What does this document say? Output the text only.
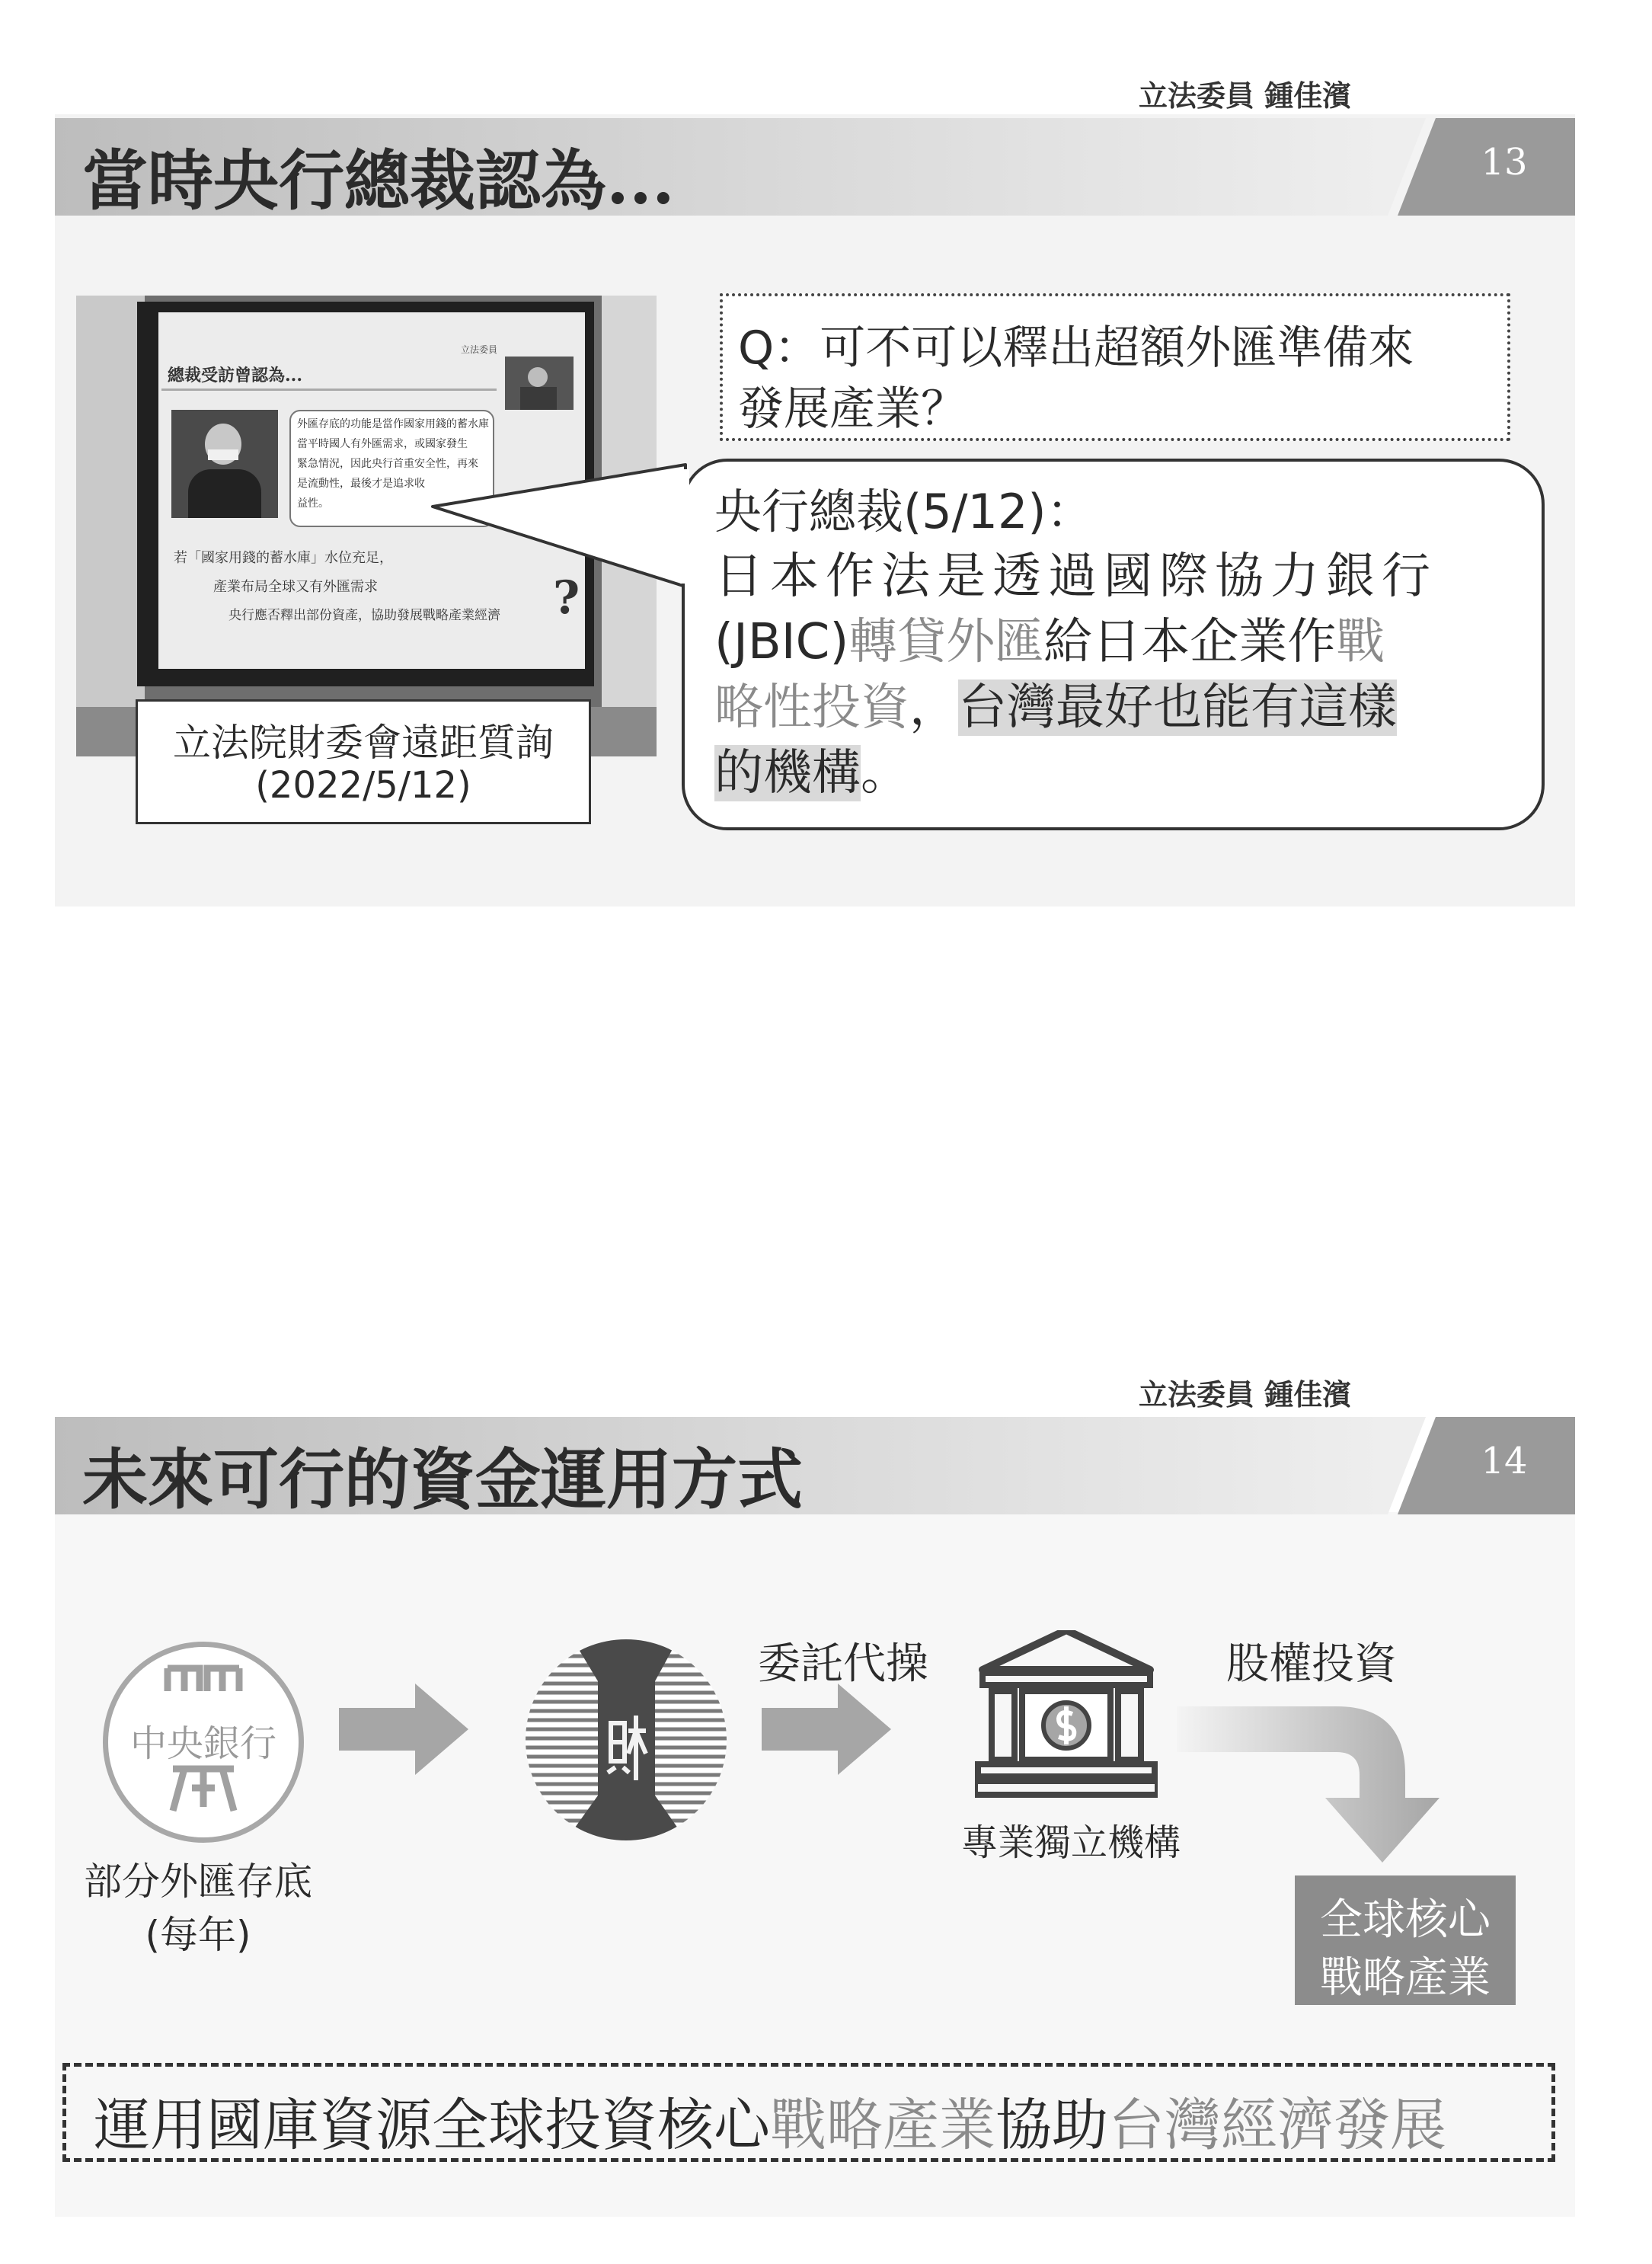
立法委員 鍾佳濱
13
當時央行總裁認為...
立法委員
總裁受訪曾認為...
外匯存底的功能是當作國家用錢的蓄水庫
當平時國人有外匯需求，或國家發生
緊急情況，因此央行首重安全性，再來
是流動性，最後才是追求收
益性。
若「國家用錢的蓄水庫」水位充足，
產業布局全球又有外匯需求
央行應否釋出部份資產，協助發展戰略產業經濟 ?
立法院財委會遠距質詢
(2022/5/12)
Q：可不可以釋出超額外匯準備來
發展產業？
央行總裁(5/12)：
日本作法是透過國際協力銀行
(JBIC)轉貸外匯給日本企業作戰
略性投資，台灣最好也能有這樣
的機構。
立法委員 鍾佳濱
14
未來可行的資金運用方式
中央銀行
部分外匯存底
(每年)
委託代操
專業獨立機構
股權投資
全球核心
戰略產業
運用國庫資源全球投資核心戰略產業協助台灣經濟發展
